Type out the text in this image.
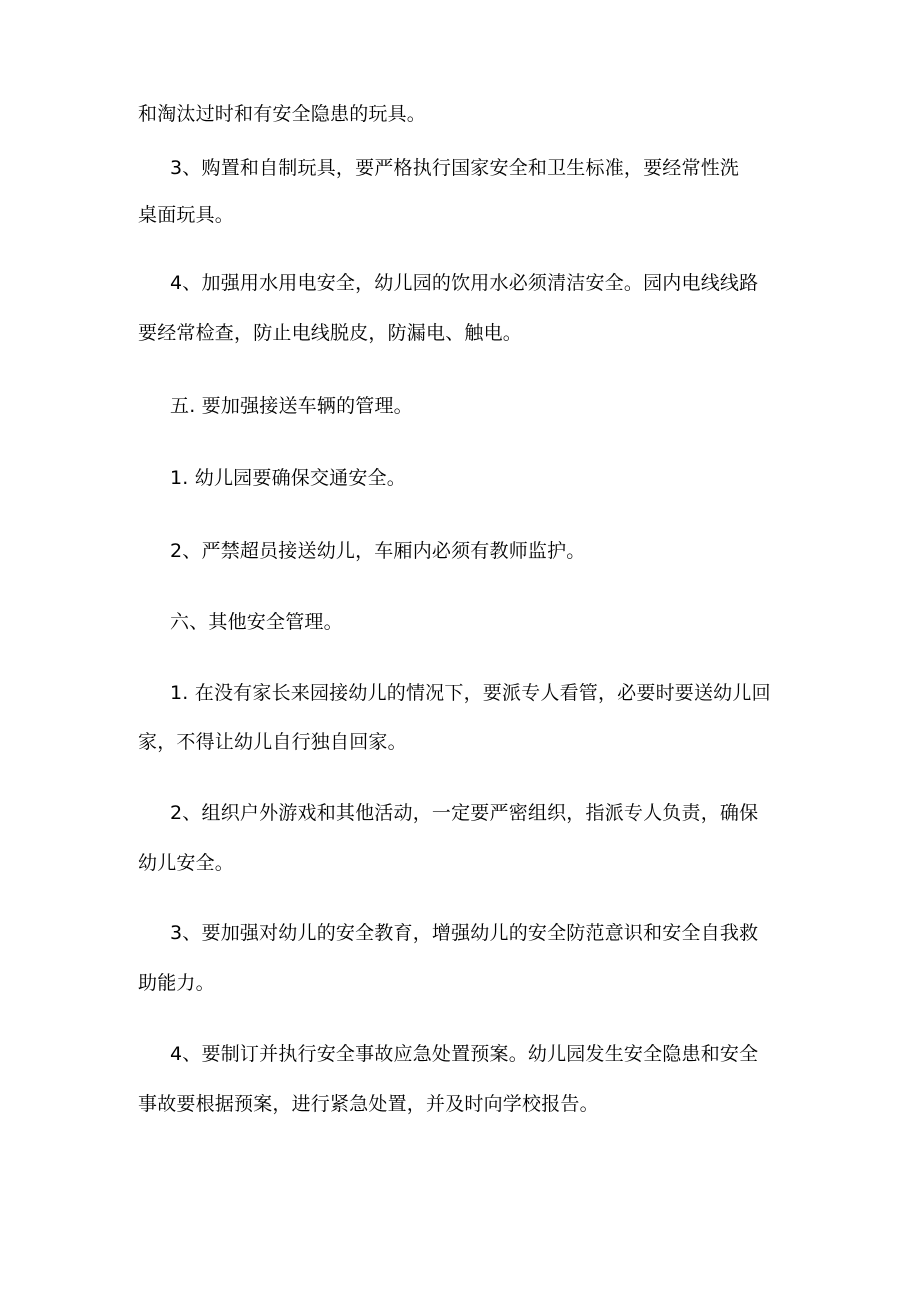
和淘汰过时和有安全隐患的玩具。
3、购置和自制玩具，要严格执行国家安全和卫生标准，要经常性洗
桌面玩具。
4、加强用水用电安全，幼儿园的饮用水必须清洁安全。园内电线线路
要经常检查，防止电线脱皮，防漏电、触电。
五. 要加强接送车辆的管理。
1. 幼儿园要确保交通安全。
2、严禁超员接送幼儿，车厢内必须有教师监护。
六、其他安全管理。
1. 在没有家长来园接幼儿的情况下，要派专人看管，必要时要送幼儿回
家，不得让幼儿自行独自回家。
2、组织户外游戏和其他活动，一定要严密组织，指派专人负责，确保
幼儿安全。
3、要加强对幼儿的安全教育，增强幼儿的安全防范意识和安全自我救
助能力。
4、要制订并执行安全事故应急处置预案。幼儿园发生安全隐患和安全
事故要根据预案，进行紧急处置，并及时向学校报告。
